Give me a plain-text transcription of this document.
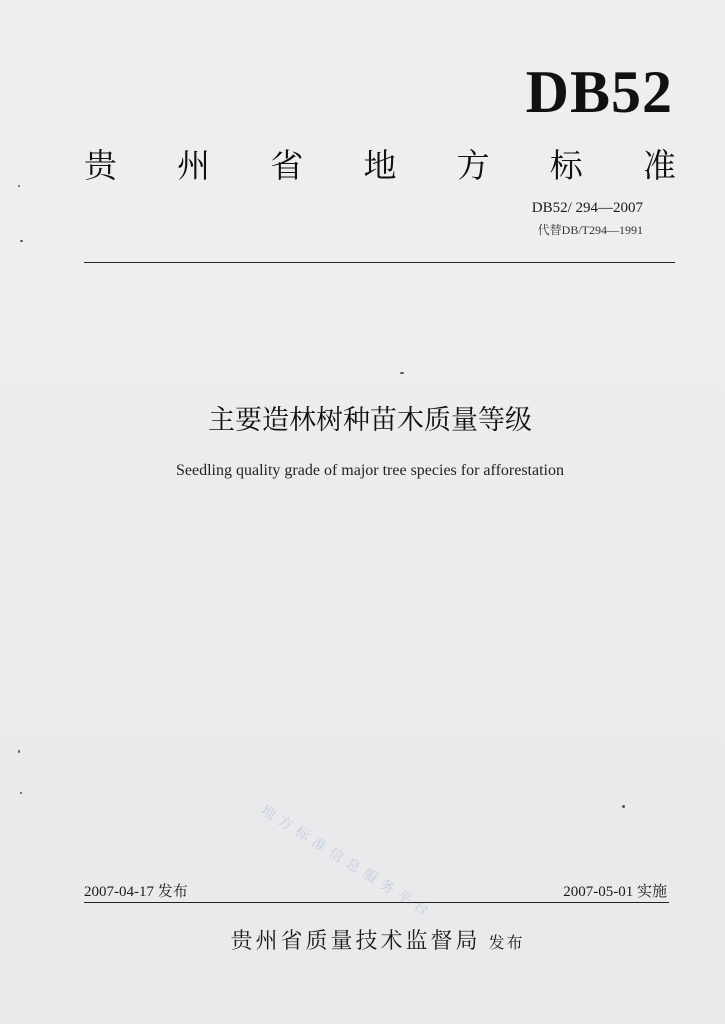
DB52
贵 州 省 地 方 标 准
DB52/ 294—2007
代替DB/T294—1991
主要造林树种苗木质量等级
Seedling quality grade of major tree species for afforestation
地方标准信息服务平台
2007-04-17 发布	2007-05-01 实施
贵州省质量技术监督局 发布
